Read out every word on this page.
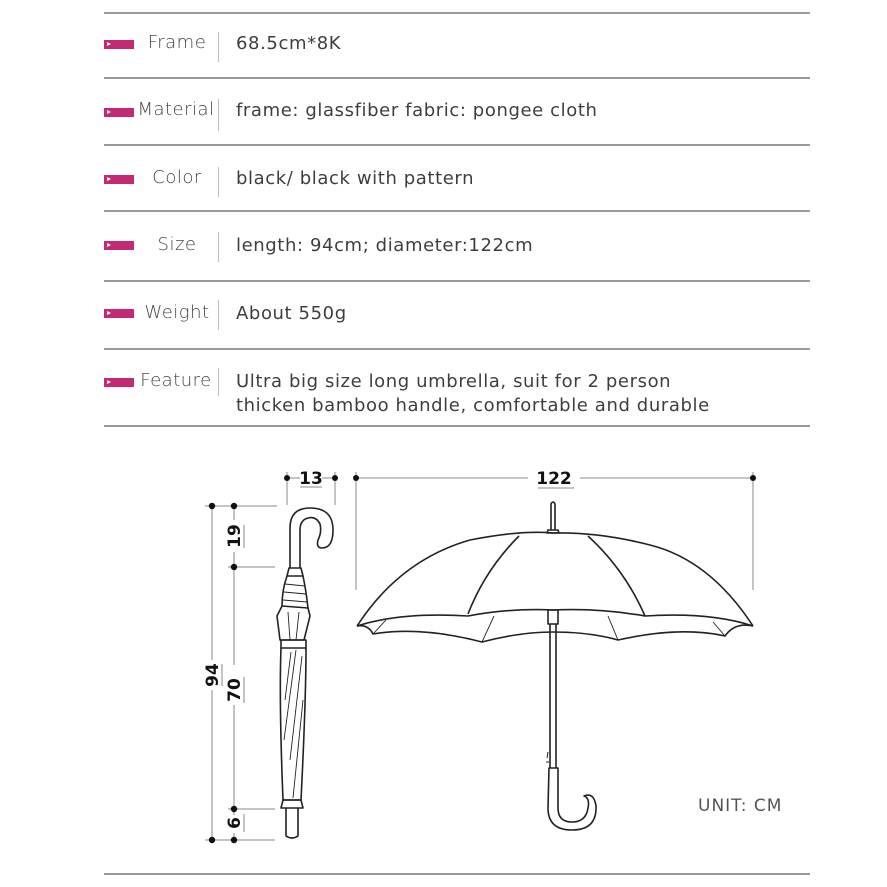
Frame 68.5cm*8K
Material frame: glassfiber fabric: pongee cloth
Color	black/ black with pattern
Size	length: 94cm; diameter:122cm
Weight About 550g
Feature Ultra big size long umbrella, suit for 2 person
thicken bamboo handle, comfortable and durable
13	122
94
19
70
6
UNIT: CM
